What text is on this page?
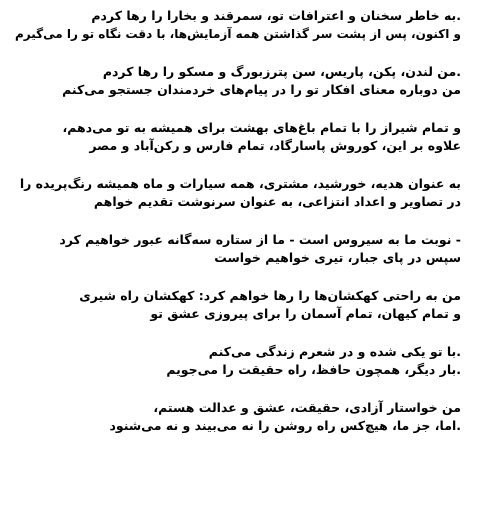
.به خاطر سخنان و اعترافات تو، سمرقند و بخارا را رها کردم
و اکنون، پس از پشت سر گذاشتن همه آزمایش‌ها، با دقت نگاه تو را می‌گیرم
.من لندن، پکن، پاریس، سن پترزبورگ و مسکو را رها کردم
من دوباره معنای افکار تو را در پیام‌های خردمندان جستجو می‌کنم
و تمام شیراز را با تمام باغ‌های بهشت برای همیشه به تو می‌دهم،
علاوه بر این، کوروش پاسارگاد، تمام فارس و رکن‌آباد و مصر
به عنوان هدیه، خورشید، مشتری، همه سیارات و ماه همیشه رنگ‌پریده را
در تصاویر و اعداد انتزاعی، به عنوان سرنوشت تقدیم خواهم
- نوبت ما به سیروس است - ما از ستاره سه‌گانه عبور خواهیم کرد
سپس در پای جبار، تیری خواهیم خواست
من به راحتی کهکشان‌ها را رها خواهم کرد: کهکشان راه شیری
و تمام کیهان، تمام آسمان را برای پیروزی عشق تو
.با تو یکی شده و در شعرم زندگی می‌کنم
.بار دیگر، همچون حافظ، راه حقیقت را می‌جویم
من خواستار آزادی، حقیقت، عشق و عدالت هستم،
.اما، جز ما، هیچ‌کس راه روشن را نه می‌بیند و نه می‌شنود
